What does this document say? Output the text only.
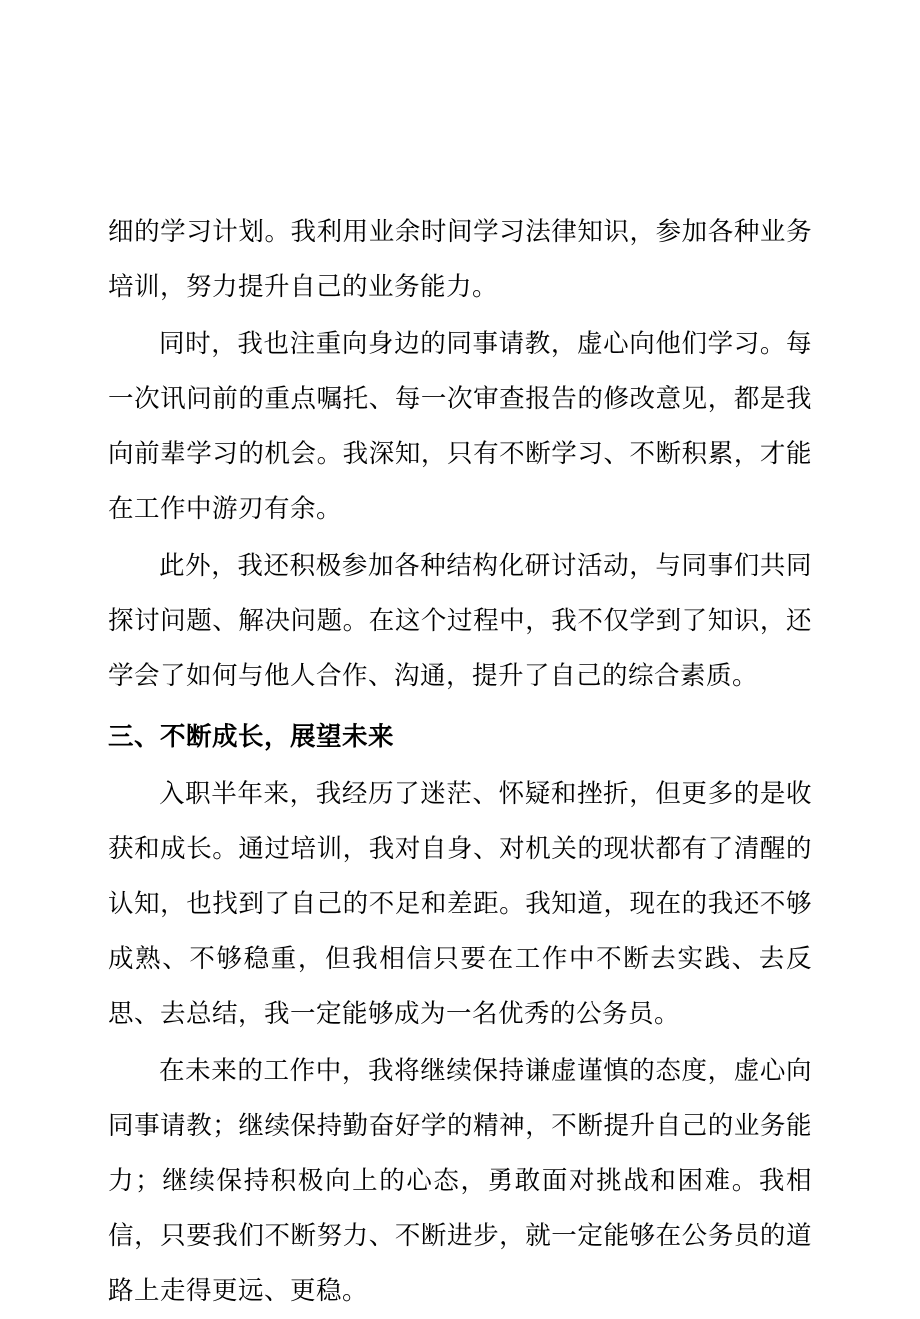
细的学习计划。我利用业余时间学习法律知识，参加各种业务培训，努力提升自己的业务能力。

同时，我也注重向身边的同事请教，虚心向他们学习。每一次讯问前的重点嘱托、每一次审查报告的修改意见，都是我向前辈学习的机会。我深知，只有不断学习、不断积累，才能在工作中游刃有余。

此外，我还积极参加各种结构化研讨活动，与同事们共同探讨问题、解决问题。在这个过程中，我不仅学到了知识，还学会了如何与他人合作、沟通，提升了自己的综合素质。

三、不断成长，展望未来

入职半年来，我经历了迷茫、怀疑和挫折，但更多的是收获和成长。通过培训，我对自身、对机关的现状都有了清醒的认知，也找到了自己的不足和差距。我知道，现在的我还不够成熟、不够稳重，但我相信只要在工作中不断去实践、去反思、去总结，我一定能够成为一名优秀的公务员。

在未来的工作中，我将继续保持谦虚谨慎的态度，虚心向同事请教；继续保持勤奋好学的精神，不断提升自己的业务能力；继续保持积极向上的心态，勇敢面对挑战和困难。我相信，只要我们不断努力、不断进步，就一定能够在公务员的道路上走得更远、更稳。
